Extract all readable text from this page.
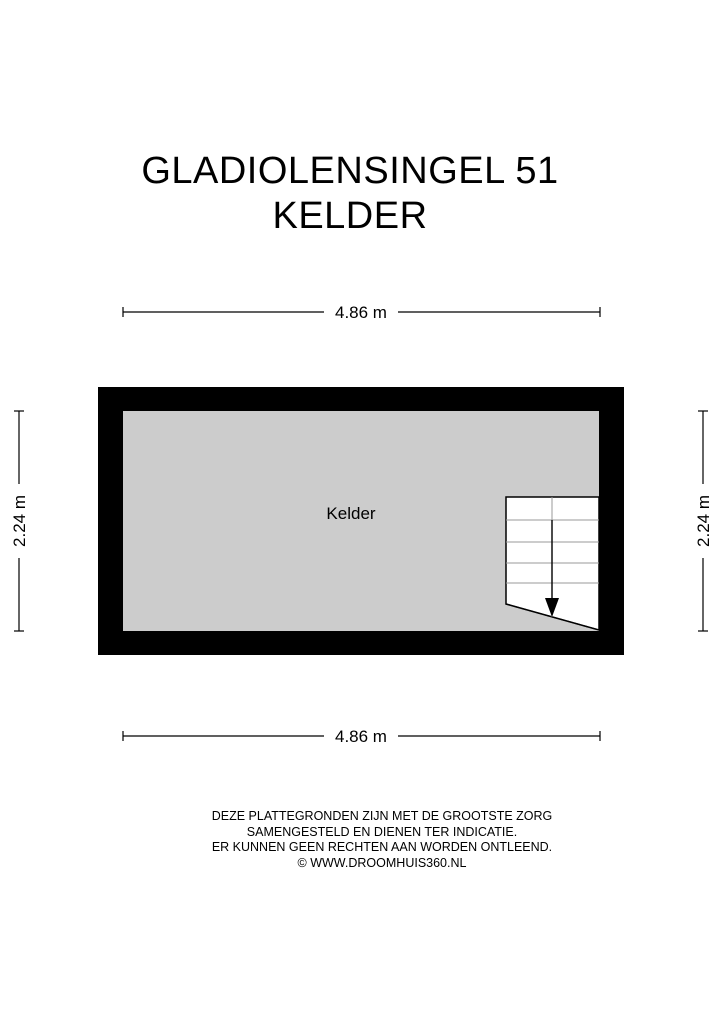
GLADIOLENSINGEL 51
KELDER
4.86 m
4.86 m
2.24 m	2.24 m
Kelder
DEZE PLATTEGRONDEN ZIJN MET DE GROOTSTE ZORG
SAMENGESTELD EN DIENEN TER INDICATIE.
ER KUNNEN GEEN RECHTEN AAN WORDEN ONTLEEND.
© WWW.DROOMHUIS360.NL
